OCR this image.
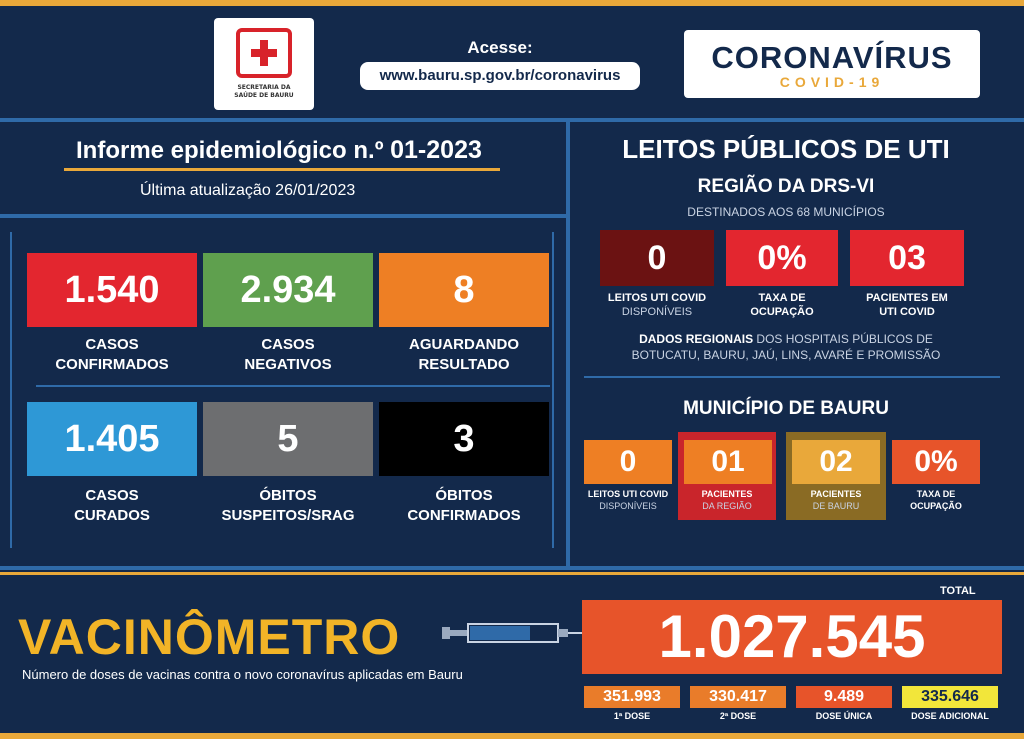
SECRETARIA DA
SAÚDE DE BAURU
Acesse:
www.bauru.sp.gov.br/coronavirus
CORONAVÍRUS
COVID-19
Informe epidemiológico n.º 01-2023
Última atualização 26/01/2023
1.540	2.934	8
1.405	5	3
CASOS
CONFIRMADOS
CASOS
NEGATIVOS
AGUARDANDO
RESULTADO
CASOS
CURADOS
ÓBITOS
SUSPEITOS/SRAG
ÓBITOS
CONFIRMADOS
LEITOS PÚBLICOS DE UTI
REGIÃO DA DRS-VI
DESTINADOS AOS 68 MUNICÍPIOS
0	0%	03
LEITOS UTI COVID
DISPONÍVEIS
TAXA DE
OCUPAÇÃO
PACIENTES EM
UTI COVID
DADOS REGIONAIS DOS HOSPITAIS PÚBLICOS DE
BOTUCATU, BAURU, JAÚ, LINS, AVARÉ E PROMISSÃO
MUNICÍPIO DE BAURU
0	01	02	0%
LEITOS UTI COVID
DISPONÍVEIS
PACIENTES
DA REGIÃO
PACIENTES
DE BAURU
TAXA DE
OCUPAÇÃO
VACINÔMETRO
Número de doses de vacinas contra o novo coronavírus aplicadas em Bauru
TOTAL
1.027.545
351.993	330.417	9.489	335.646
1ª DOSE	2ª DOSE	DOSE ÚNICA	DOSE ADICIONAL
